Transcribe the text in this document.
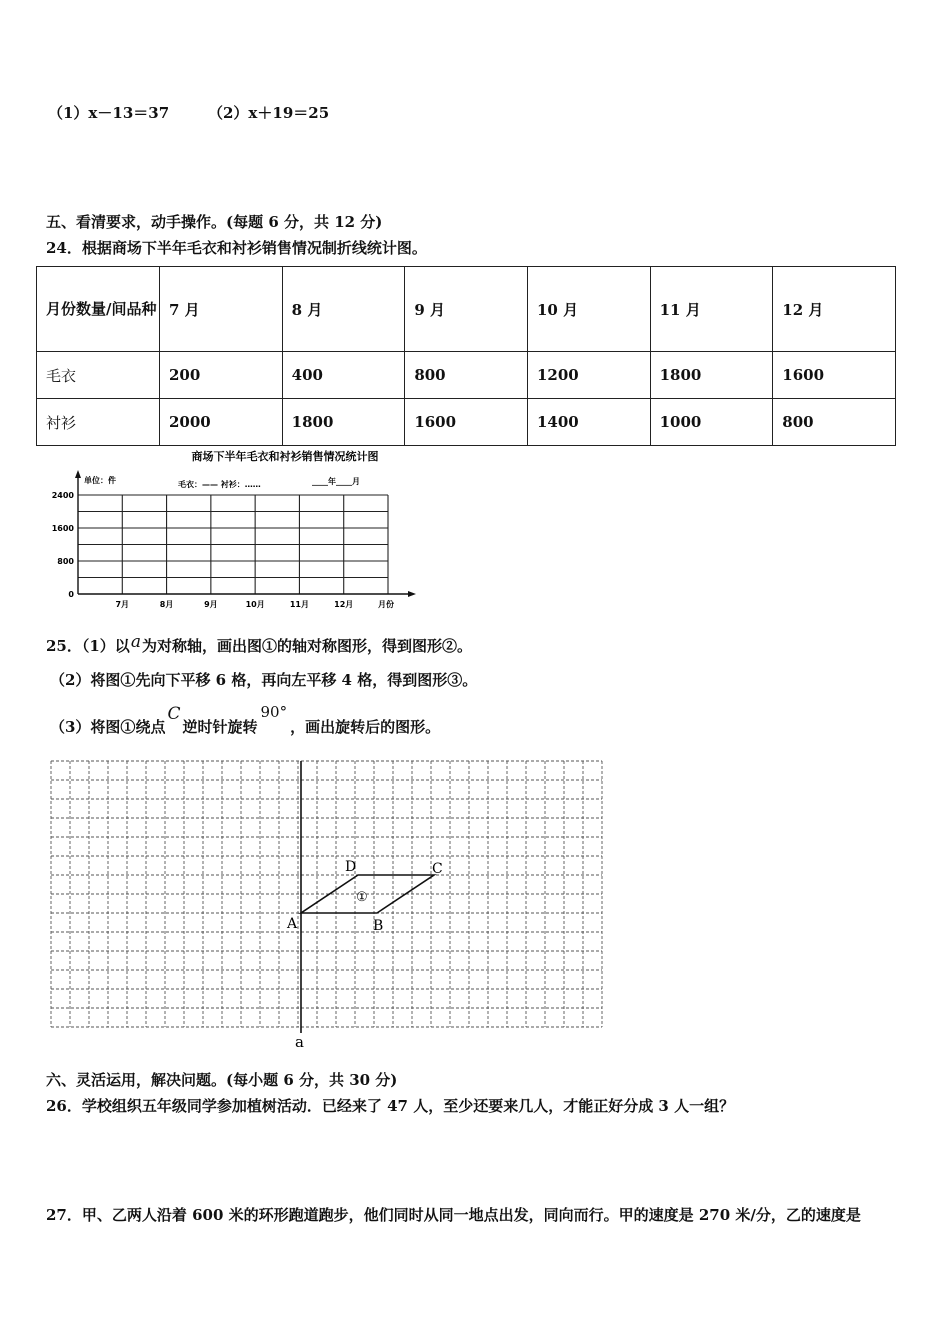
（1）x－13＝37	（2）x＋19＝25
五、看清要求，动手操作。(每题 6 分，共 12 分)
24．根据商场下半年毛衣和衬衫销售情况制折线统计图。
月份数量/间品种	7 月	8 月	9 月	10 月	11 月	12 月
毛衣	200	400	800	1200	1800	1600
衬衫	2000	1800	1600	1400	1000	800
商场下半年毛衣和衬衫销售情况统计图
单位：件	毛衣：—— 衬衫：……	____年____月
0
800
1600
2400
7月	8月	9月	10月	11月	12月	月份
25．（1）以a为对称轴，画出图①的轴对称图形，得到图形②。
（2）将图①先向下平移 6 格，再向左平移 4 格，得到图形③。
（3）将图①绕点C逆时针旋转90°，画出旋转后的图形。
A	B
C
D
①
a
六、灵活运用，解决问题。(每小题 6 分，共 30 分)
26．学校组织五年级同学参加植树活动．已经来了 47 人，至少还要来几人，才能正好分成 3 人一组？
27．甲、乙两人沿着 600 米的环形跑道跑步，他们同时从同一地点出发，同向而行。甲的速度是 270 米/分，乙的速度是
